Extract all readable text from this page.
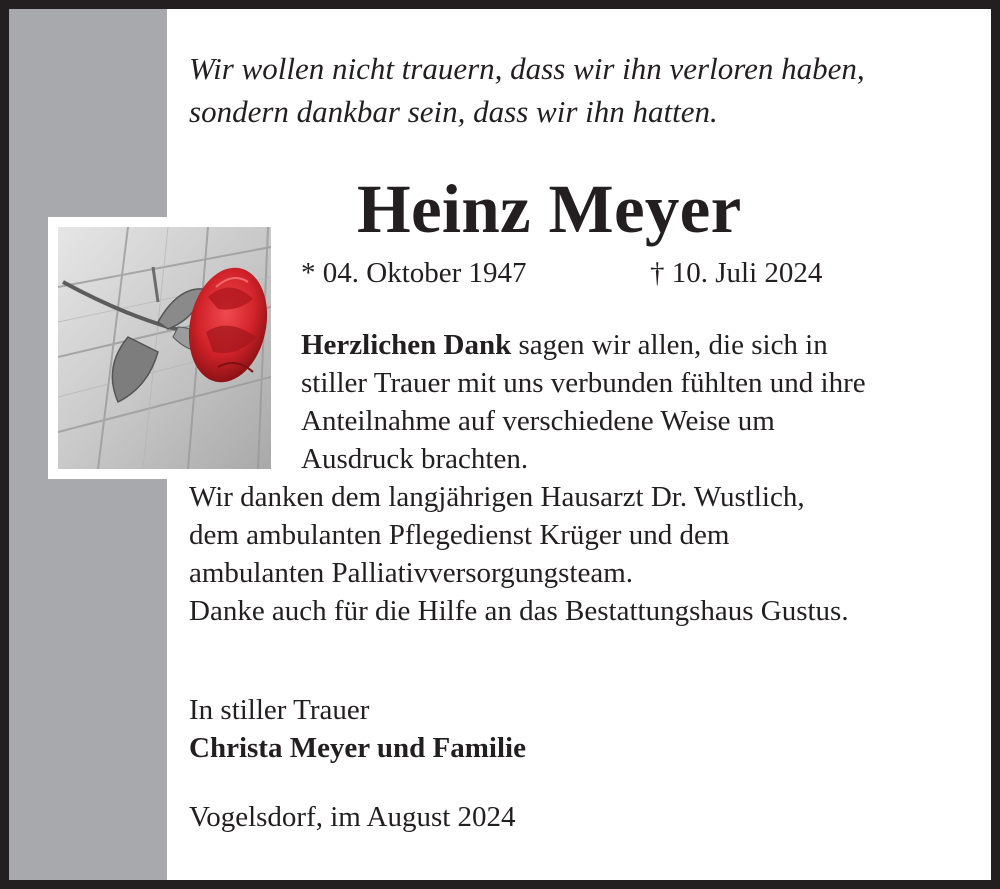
Wir wollen nicht trauern, dass wir ihn verloren haben,
sondern dankbar sein, dass wir ihn hatten.
Heinz Meyer
* 04. Oktober 1947	† 10. Juli 2024
Herzlichen Dank sagen wir allen, die sich in
stiller Trauer mit uns verbunden fühlten und ihre
Anteilnahme auf verschiedene Weise um
Ausdruck brachten.
Wir danken dem langjährigen Hausarzt Dr. Wustlich,
dem ambulanten Pflegedienst Krüger und dem
ambulanten Palliativversorgungsteam.
Danke auch für die Hilfe an das Bestattungshaus Gustus.
In stiller Trauer
Christa Meyer und Familie
Vogelsdorf, im August 2024
